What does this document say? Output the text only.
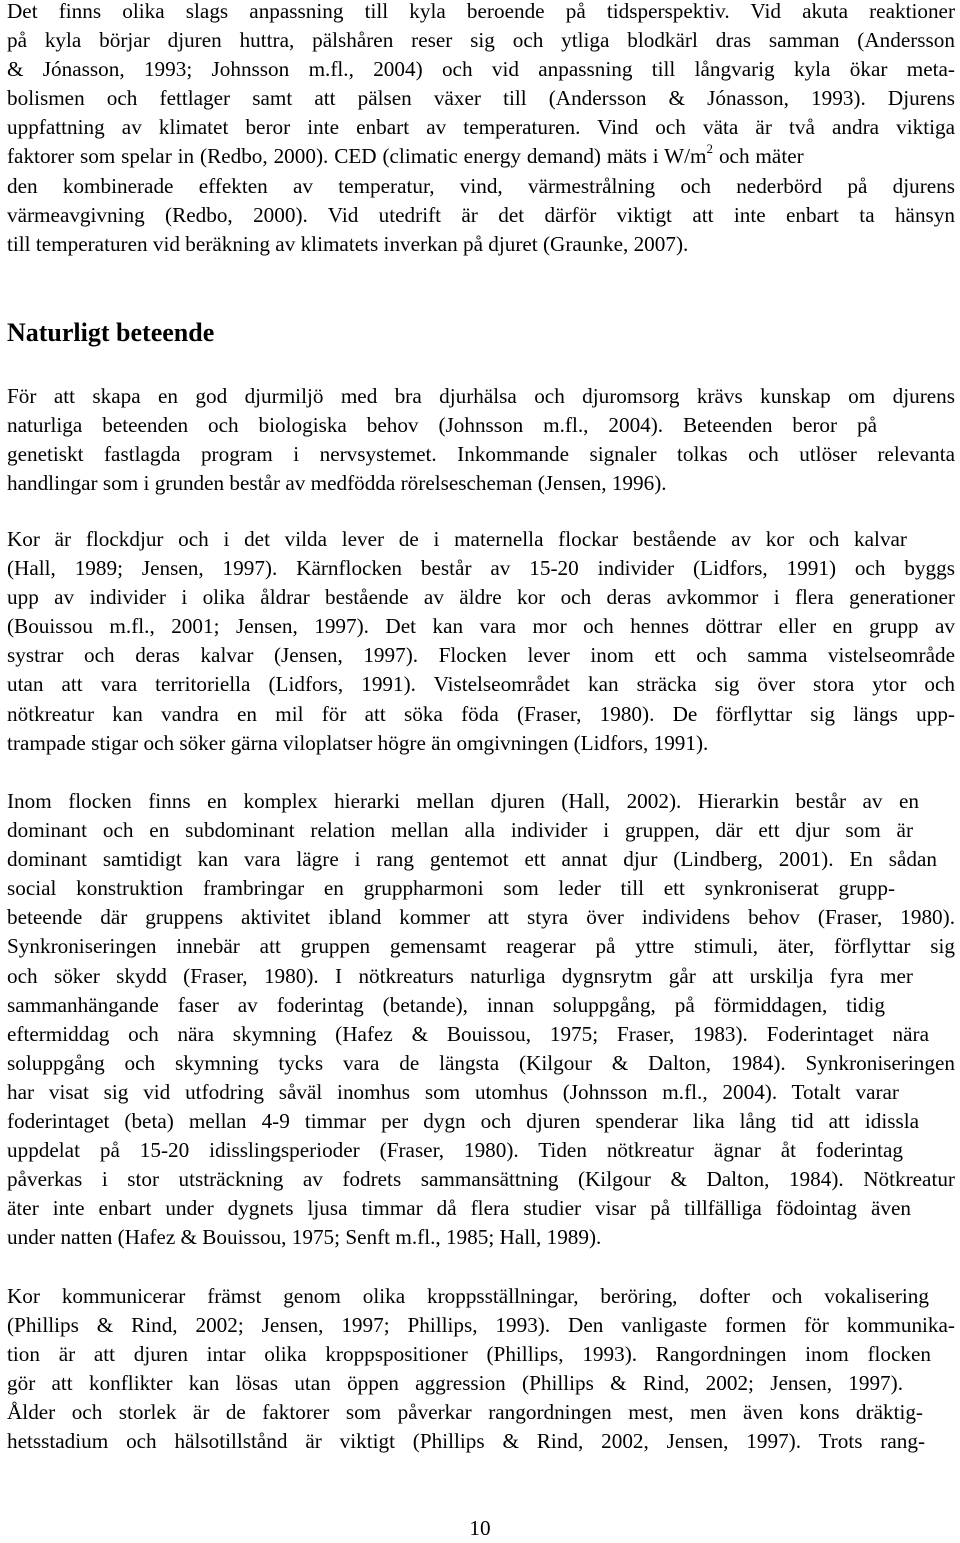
Det finns olika slags anpassning till kyla beroende på tidsperspektiv. Vid akuta reaktioner
på kyla börjar djuren huttra, pälshåren reser sig och ytliga blodkärl dras samman (Andersson
& Jónasson, 1993; Johnsson m.fl., 2004) och vid anpassning till långvarig kyla ökar meta-
bolismen och fettlager samt att pälsen växer till (Andersson & Jónasson, 1993). Djurens
uppfattning av klimatet beror inte enbart av temperaturen. Vind och väta är två andra viktiga
faktorer som spelar in (Redbo, 2000). CED (climatic energy demand) mäts i $W/m^2$ och mäter
den kombinerade effekten av temperatur, vind, värmestrålning och nederbörd på djurens
värmeavgivning (Redbo, 2000). Vid utedrift är det därför viktigt att inte enbart ta hänsyn
till temperaturen vid beräkning av klimatets inverkan på djuret (Graunke, 2007).
Naturligt beteende
För att skapa en god djurmiljö med bra djurhälsa och djuromsorg krävs kunskap om djurens
naturliga beteenden och biologiska behov (Johnsson m.fl., 2004). Beteenden beror på
genetiskt fastlagda program i nervsystemet. Inkommande signaler tolkas och utlöser relevanta
handlingar som i grunden består av medfödda rörelsescheman (Jensen, 1996).
Kor är flockdjur och i det vilda lever de i maternella flockar bestående av kor och kalvar
(Hall, 1989; Jensen, 1997). Kärnflocken består av 15-20 individer (Lidfors, 1991) och byggs
upp av individer i olika åldrar bestående av äldre kor och deras avkommor i flera generationer
(Bouissou m.fl., 2001; Jensen, 1997). Det kan vara mor och hennes döttrar eller en grupp av
systrar och deras kalvar (Jensen, 1997). Flocken lever inom ett och samma vistelseområde
utan att vara territoriella (Lidfors, 1991). Vistelseområdet kan sträcka sig över stora ytor och
nötkreatur kan vandra en mil för att söka föda (Fraser, 1980). De förflyttar sig längs upp-
trampade stigar och söker gärna viloplatser högre än omgivningen (Lidfors, 1991).
Inom flocken finns en komplex hierarki mellan djuren (Hall, 2002). Hierarkin består av en
dominant och en subdominant relation mellan alla individer i gruppen, där ett djur som är
dominant samtidigt kan vara lägre i rang gentemot ett annat djur (Lindberg, 2001). En sådan
social konstruktion frambringar en gruppharmoni som leder till ett synkroniserat grupp-
beteende där gruppens aktivitet ibland kommer att styra över individens behov (Fraser, 1980).
Synkroniseringen innebär att gruppen gemensamt reagerar på yttre stimuli, äter, förflyttar sig
och söker skydd (Fraser, 1980). I nötkreaturs naturliga dygnsrytm går att urskilja fyra mer
sammanhängande faser av foderintag (betande), innan soluppgång, på förmiddagen, tidig
eftermiddag och nära skymning (Hafez & Bouissou, 1975; Fraser, 1983). Foderintaget nära
soluppgång och skymning tycks vara de längsta (Kilgour & Dalton, 1984). Synkroniseringen
har visat sig vid utfodring såväl inomhus som utomhus (Johnsson m.fl., 2004). Totalt varar
foderintaget (beta) mellan 4-9 timmar per dygn och djuren spenderar lika lång tid att idissla
uppdelat på 15-20 idisslingsperioder (Fraser, 1980). Tiden nötkreatur ägnar åt foderintag
påverkas i stor utsträckning av fodrets sammansättning (Kilgour & Dalton, 1984). Nötkreatur
äter inte enbart under dygnets ljusa timmar då flera studier visar på tillfälliga födointag även
under natten (Hafez & Bouissou, 1975; Senft m.fl., 1985; Hall, 1989).
Kor kommunicerar främst genom olika kroppsställningar, beröring, dofter och vokalisering
(Phillips & Rind, 2002; Jensen, 1997; Phillips, 1993). Den vanligaste formen för kommunika-
tion är att djuren intar olika kroppspositioner (Phillips, 1993). Rangordningen inom flocken
gör att konflikter kan lösas utan öppen aggression (Phillips & Rind, 2002; Jensen, 1997).
Ålder och storlek är de faktorer som påverkar rangordningen mest, men även kons dräktig-
hetsstadium och hälsotillstånd är viktigt (Phillips & Rind, 2002, Jensen, 1997). Trots rang-
10
